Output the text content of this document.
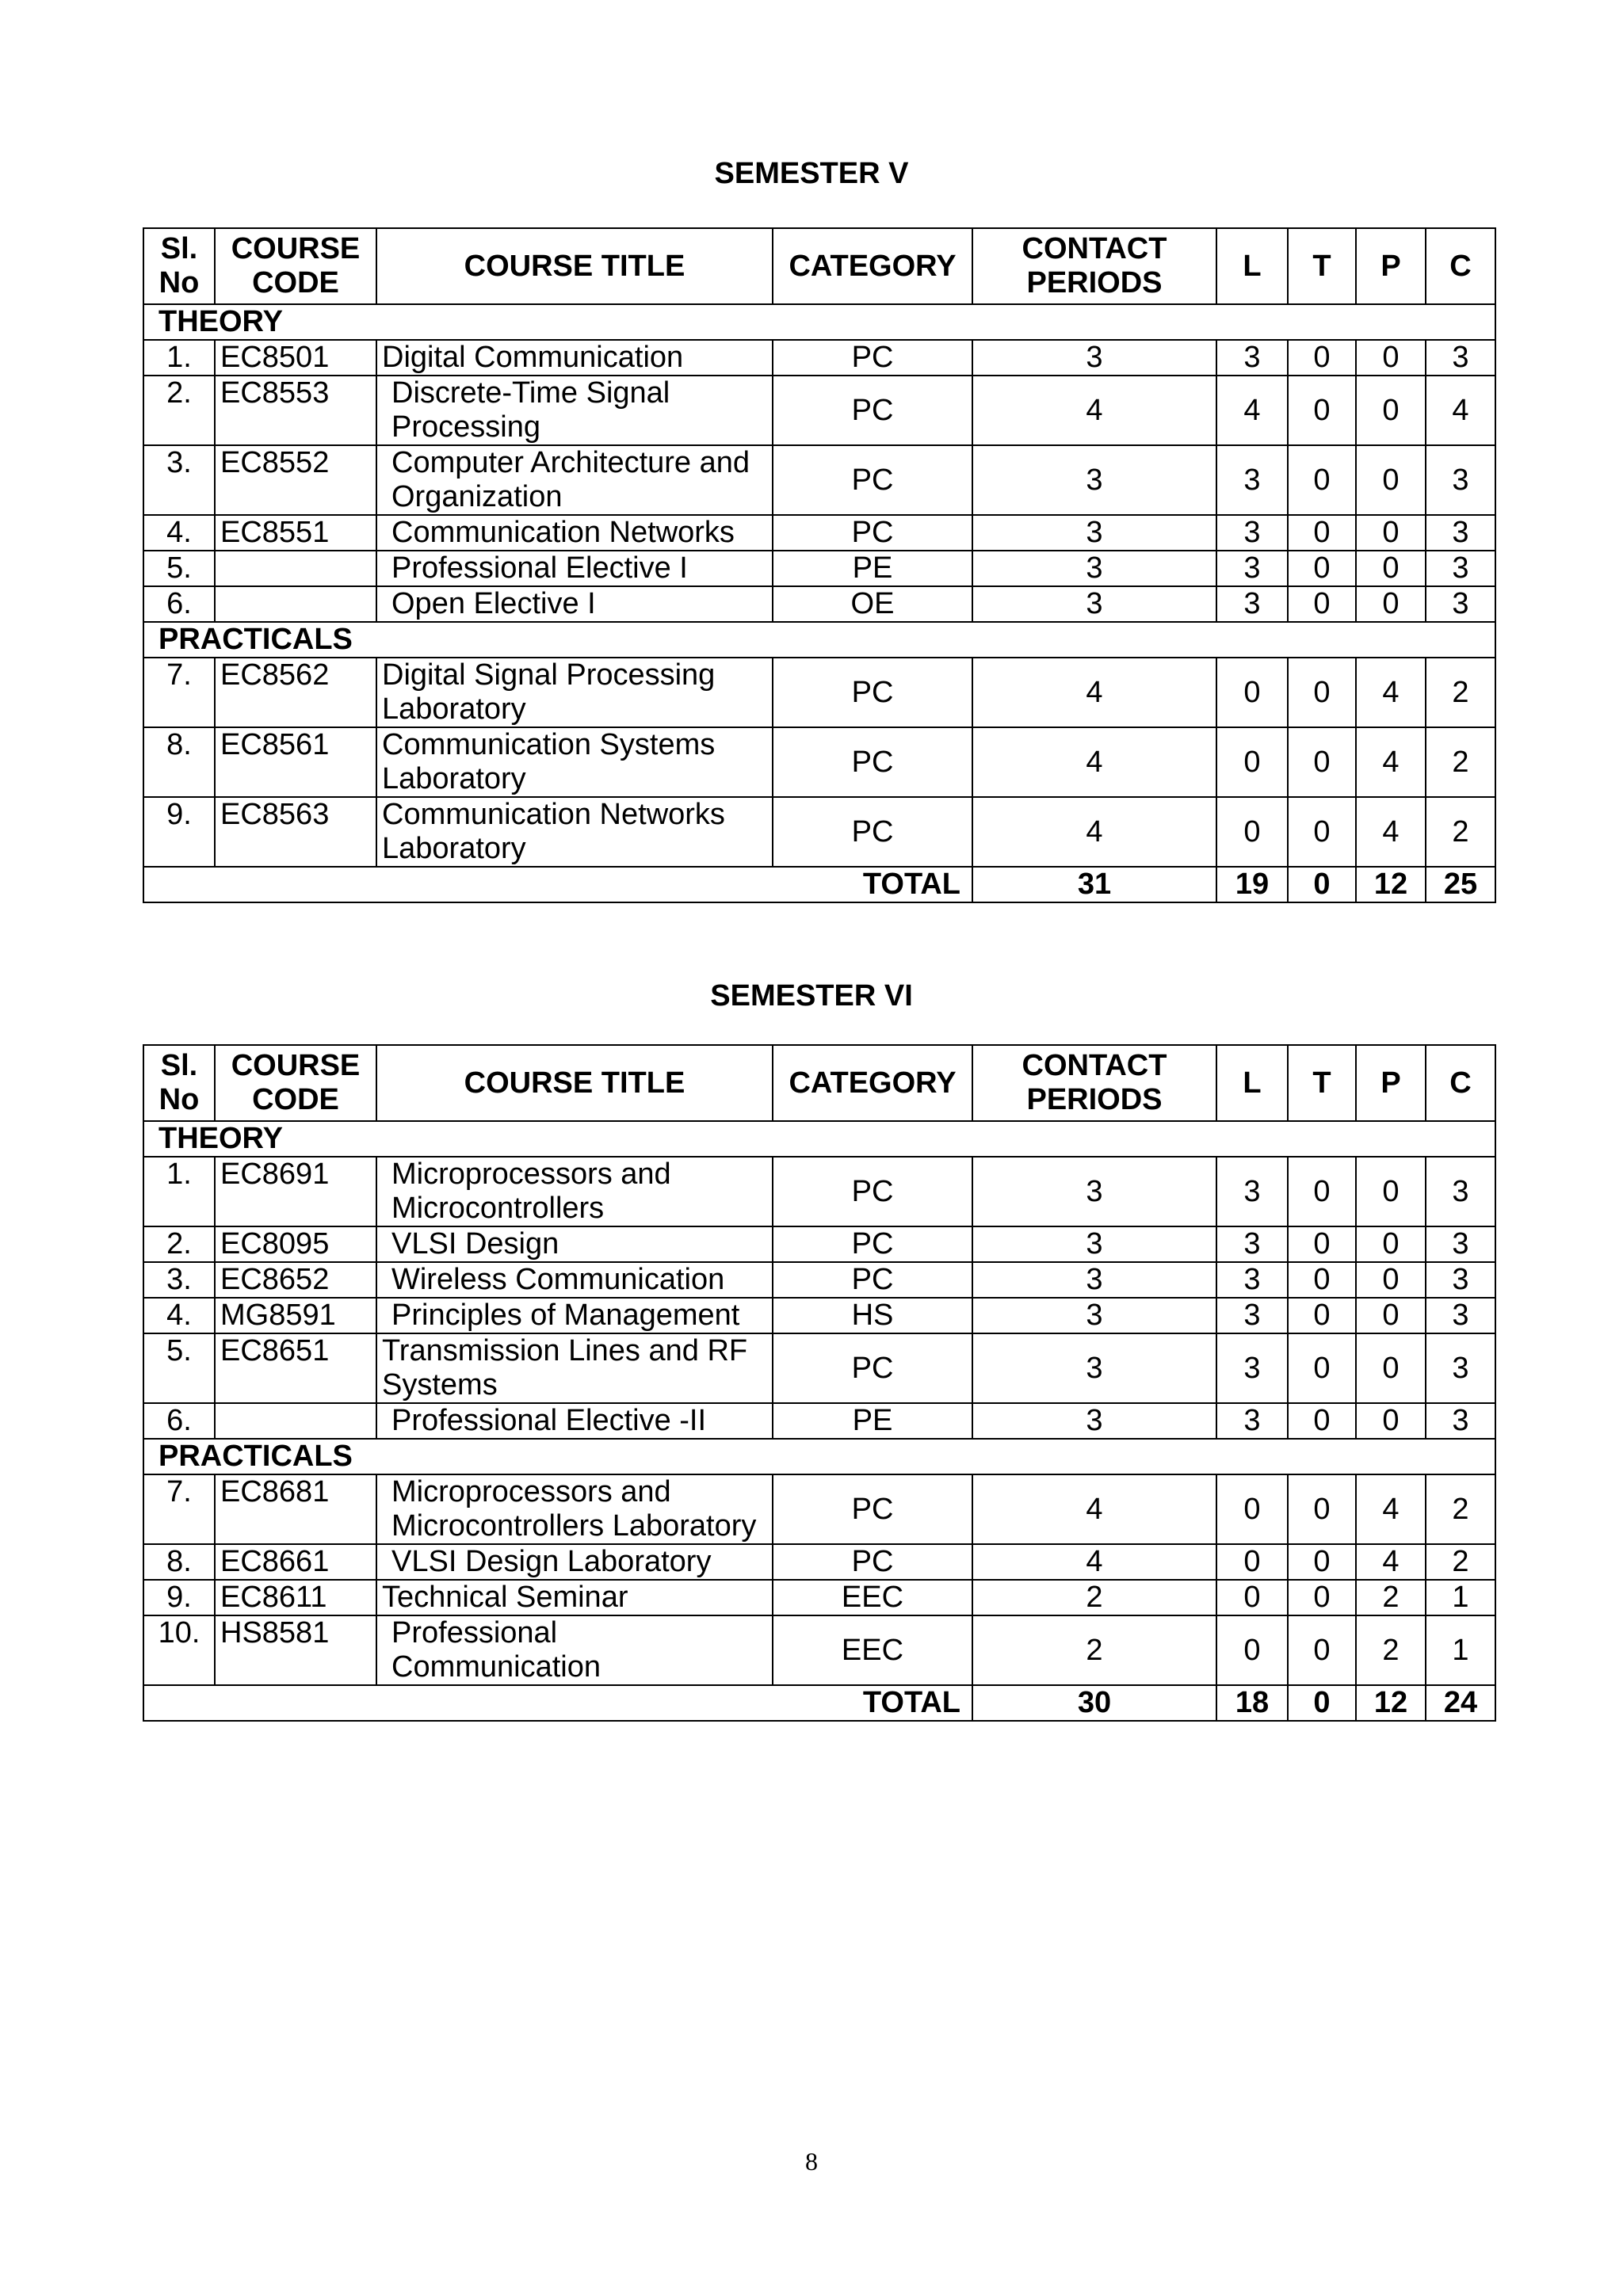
SEMESTER V
Sl. No	COURSE CODE	COURSE TITLE	CATEGORY	CONTACT PERIODS	L	T	P	C
THEORY								
1.	EC8501	Digital Communication	PC	3	3	0	0	3
2.	EC8553	Discrete-Time Signal Processing	PC	4	4	0	0	4
3.	EC8552	Computer Architecture and Organization	PC	3	3	0	0	3
4.	EC8551	Communication Networks	PC	3	3	0	0	3
5.		Professional Elective I	PE	3	3	0	0	3
6.		Open Elective I	OE	3	3	0	0	3
PRACTICALS								
7.	EC8562	Digital Signal Processing Laboratory	PC	4	0	0	4	2
8.	EC8561	Communication Systems Laboratory	PC	4	0	0	4	2
9.	EC8563	Communication Networks Laboratory	PC	4	0	0	4	2
TOTAL				31	19	0	12	25
SEMESTER VI
Sl. No	COURSE CODE	COURSE TITLE	CATEGORY	CONTACT PERIODS	L	T	P	C
THEORY								
1.	EC8691	Microprocessors and Microcontrollers	PC	3	3	0	0	3
2.	EC8095	VLSI Design	PC	3	3	0	0	3
3.	EC8652	Wireless Communication	PC	3	3	0	0	3
4.	MG8591	Principles of Management	HS	3	3	0	0	3
5.	EC8651	Transmission Lines and RF Systems	PC	3	3	0	0	3
6.		Professional Elective -II	PE	3	3	0	0	3
PRACTICALS								
7.	EC8681	Microprocessors and Microcontrollers Laboratory	PC	4	0	0	4	2
8.	EC8661	VLSI Design Laboratory	PC	4	0	0	4	2
9.	EC8611	Technical Seminar	EEC	2	0	0	2	1
10.	HS8581	Professional Communication	EEC	2	0	0	2	1
TOTAL				30	18	0	12	24
8
